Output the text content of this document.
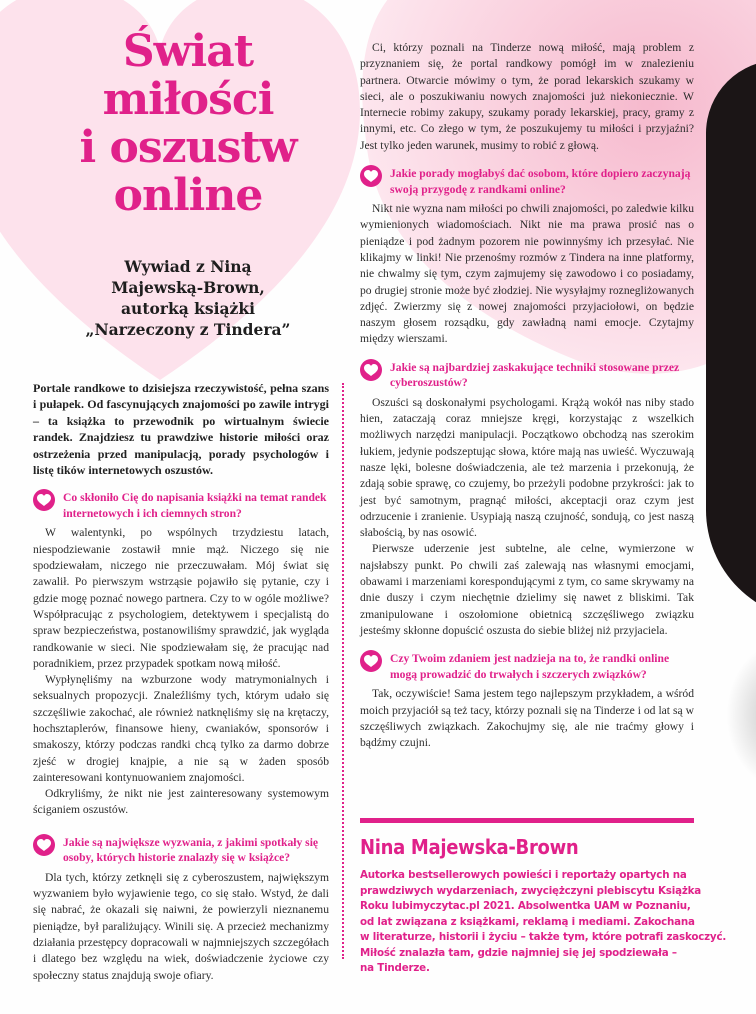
Świat
miłości
i oszustw
online
Wywiad z Niną
Majewską-Brown,
autorką książki
„Narzeczony z Tindera”

Portale randkowe to dzisiejsza rzeczywistość, pełna szans i pułapek. Od fascynujących znajomości po zawile intrygi – ta książka to przewodnik po wirtualnym świecie randek. Znajdziesz tu prawdziwe historie miłości oraz ostrzeżenia przed manipulacją, porady psychologów i listę tików internetowych oszustów.

Co skłoniło Cię do napisania książki na temat randek internetowych i ich ciemnych stron?

W walentynki, po wspólnych trzydziestu latach, niespodziewanie zostawił mnie mąż. Niczego się nie spodziewałam, niczego nie przeczuwałam. Mój świat się zawalił. Po pierwszym wstrząsie pojawiło się pytanie, czy i gdzie mogę poznać nowego partnera. Czy to w ogóle możliwe? Współpracując z psychologiem, detektywem i specjalistą do spraw bezpieczeństwa, postanowiliśmy sprawdzić, jak wygląda randkowanie w sieci. Nie spodziewałam się, że pracując nad poradnikiem, przez przypadek spotkam nową miłość.

Wypłynęliśmy na wzburzone wody matrymonialnych i seksualnych propozycji. Znaleźliśmy tych, którym udało się szczęśliwie zakochać, ale również natknęliśmy się na krętaczy, hochsztaplerów, finansowe hieny, cwaniaków, sponsorów i smakoszy, którzy podczas randki chcą tylko za darmo dobrze zjeść w drogiej knajpie, a nie są w żaden sposób zainteresowani kontynuowaniem znajomości.

Odkryliśmy, że nikt nie jest zainteresowany systemowym ściganiem oszustów.

Jakie są największe wyzwania, z jakimi spotkały się osoby, których historie znalazły się w książce?

Dla tych, którzy zetknęli się z cyberoszustem, największym wyzwaniem było wyjawienie tego, co się stało. Wstyd, że dali się nabrać, że okazali się naiwni, że powierzyli nieznanemu pieniądze, był paraliżujący. Winili się. A przecież mechanizmy działania przestępcy dopracowali w najmniejszych szczegółach i dlatego bez względu na wiek, doświadczenie życiowe czy społeczny status znajdują swoje ofiary.

Ci, którzy poznali na Tinderze nową miłość, mają problem z przyznaniem się, że portal randkowy pomógł im w znalezieniu partnera. Otwarcie mówimy o tym, że porad lekarskich szukamy w sieci, ale o poszukiwaniu nowych znajomości już niekoniecznie. W Internecie robimy zakupy, szukamy porady lekarskiej, pracy, gramy z innymi, etc. Co złego w tym, że poszukujemy tu miłości i przyjaźni? Jest tylko jeden warunek, musimy to robić z głową.

Jakie porady mogłabyś dać osobom, które dopiero zaczynają swoją przygodę z randkami online?

Nikt nie wyzna nam miłości po chwili znajomości, po zaledwie kilku wymienionych wiadomościach. Nikt nie ma prawa prosić nas o pieniądze i pod żadnym pozorem nie powinnyśmy ich przesyłać. Nie klikajmy w linki! Nie przenośmy rozmów z Tindera na inne platformy, nie chwalmy się tym, czym zajmujemy się zawodowo i co posiadamy, po drugiej stronie może być złodziej. Nie wysyłajmy roznegliżowanych zdjęć. Zwierzmy się z nowej znajomości przyjaciołowi, on będzie naszym głosem rozsądku, gdy zawładną nami emocje. Czytajmy między wierszami.

Jakie są najbardziej zaskakujące techniki stosowane przez cyberoszustów?

Oszuści są doskonałymi psychologami. Krążą wokół nas niby stado hien, zataczają coraz mniejsze kręgi, korzystając z wszelkich możliwych narzędzi manipulacji. Początkowo obchodzą nas szerokim łukiem, jedynie podszeptując słowa, które mają nas uwieść. Wyczuwają nasze lęki, bolesne doświadczenia, ale też marzenia i przekonują, że zdają sobie sprawę, co czujemy, bo przeżyli podobne przykrości: jak to jest być samotnym, pragnąć miłości, akceptacji oraz czym jest odrzucenie i zranienie. Usypiają naszą czujność, sondują, co jest naszą słabością, by nas osowić.

Pierwsze uderzenie jest subtelne, ale celne, wymierzone w najsłabszy punkt. Po chwili zaś zalewają nas własnymi emocjami, obawami i marzeniami korespondującymi z tym, co same skrywamy na dnie duszy i czym niechętnie dzielimy się nawet z bliskimi. Tak zmanipulowane i oszołomione obietnicą szczęśliwego związku jesteśmy skłonne dopuścić oszusta do siebie bliżej niż przyjaciela.

Czy Twoim zdaniem jest nadzieja na to, że randki online mogą prowadzić do trwałych i szczerych związków?

Tak, oczywiście! Sama jestem tego najlepszym przykładem, a wśród moich przyjaciół są też tacy, którzy poznali się na Tinderze i od lat są w szczęśliwych związkach. Zakochujmy się, ale nie traćmy głowy i bądźmy czujni.

Nina Majewska-Brown
Autorka bestsellerowych powieści i reportaży opartych na
prawdziwych wydarzeniach, zwyciężczyni plebiscytu Książka
Roku lubimyczytac.pl 2021. Absolwentka UAM w Poznaniu,
od lat związana z książkami, reklamą i mediami. Zakochana
w literaturze, historii i życiu – także tym, które potrafi zaskoczyć.
Miłość znalazła tam, gdzie najmniej się jej spodziewała –
na Tinderze.
